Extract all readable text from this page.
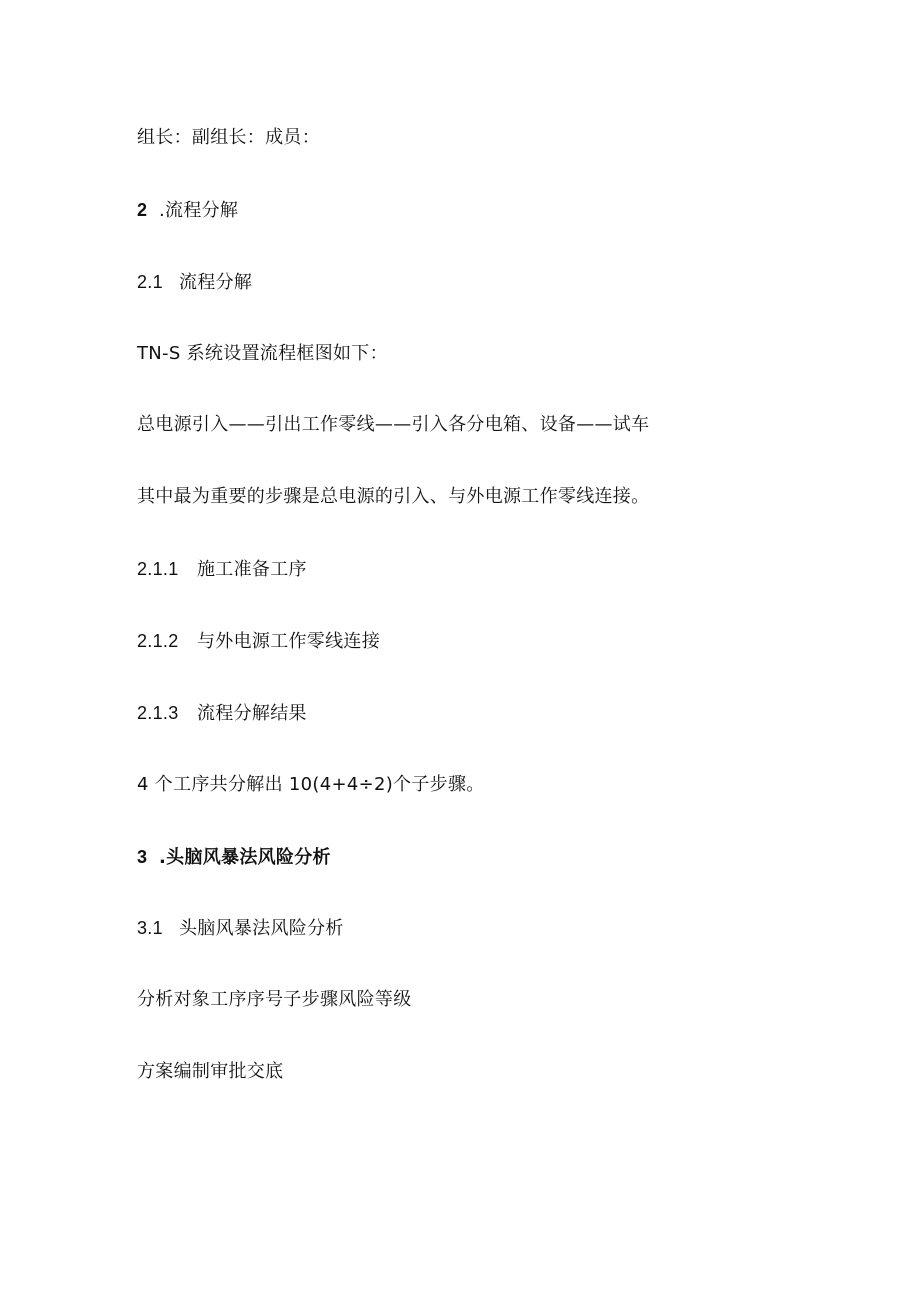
组长：副组长：成员：
2 .流程分解
2.1 流程分解
TN-S 系统设置流程框图如下：
总电源引入——引出工作零线——引入各分电箱、设备——试车
其中最为重要的步骤是总电源的引入、与外电源工作零线连接。
2.1.1 施工准备工序
2.1.2 与外电源工作零线连接
2.1.3 流程分解结果
4 个工序共分解出 10(4+4÷2)个子步骤。
3 .头脑风暴法风险分析
3.1 头脑风暴法风险分析
分析对象工序序号子步骤风险等级
方案编制审批交底
